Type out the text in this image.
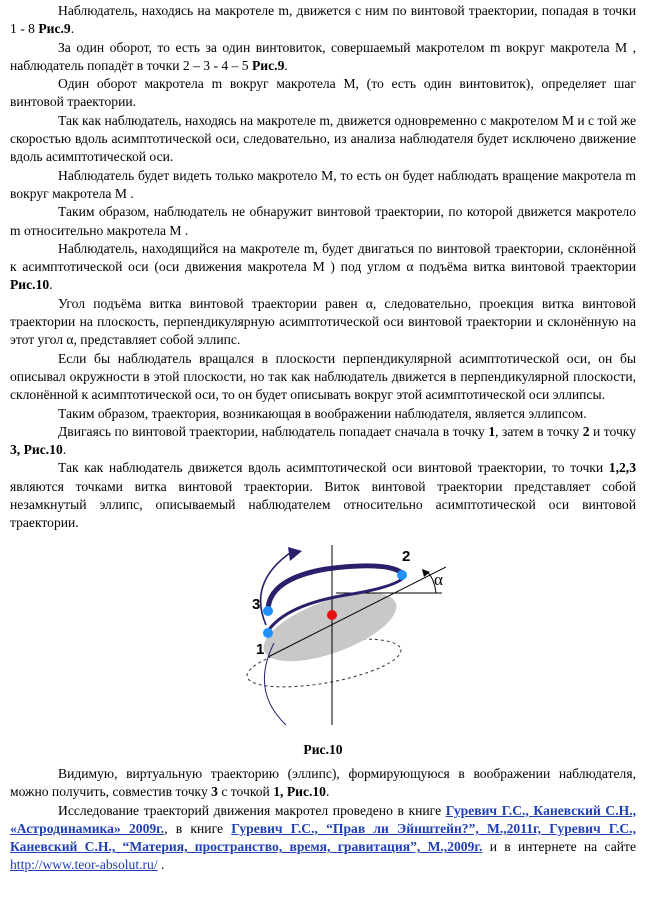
Наблюдатель, находясь на макротеле m, движется с ним по винтовой траектории, попадая в точки 1 - 8 Рис.9.

За один оборот, то есть за один винтовиток, совершаемый макротелом m вокруг макротела М , наблюдатель попадёт в точки 2 – 3 - 4 – 5 Рис.9.

Один оборот макротела m вокруг макротела М, (то есть один винтовиток), определяет шаг винтовой траектории.

Так как наблюдатель, находясь на макротеле m, движется одновременно с макротелом М и с той же скоростью вдоль асимптотической оси, следовательно, из анализа наблюдателя будет исключено движение вдоль асимптотической оси.

Наблюдатель будет видеть только макротело М, то есть он будет наблюдать вращение макротела m вокруг макротела М .

Таким образом, наблюдатель не обнаружит винтовой траектории, по которой движется макротело m относительно макротела М .

Наблюдатель, находящийся на макротеле m, будет двигаться по винтовой траектории, склонённой к асимптотической оси (оси движения макротела М ) под углом α подъёма витка винтовой траектории Рис.10.

Угол подъёма витка винтовой траектории равен α, следовательно, проекция витка винтовой траектории на плоскость, перпендикулярную асимптотической оси винтовой траектории и склонённую на этот угол α, представляет собой эллипс.

Если бы наблюдатель вращался в плоскости перпендикулярной асимптотической оси, он бы описывал окружности в этой плоскости, но так как наблюдатель движется в перпендикулярной плоскости, склонённой к асимптотической оси, то он будет описывать вокруг этой асимптотической оси эллипсы.

Таким образом, траектория, возникающая в воображении наблюдателя, является эллипсом.

Двигаясь по винтовой траектории, наблюдатель попадает сначала в точку 1, затем в точку 2 и точку 3, Рис.10.

Так как наблюдатель движется вдоль асимптотической оси винтовой траектории, то точки 1,2,3 являются точками витка винтовой траектории. Виток винтовой траектории представляет собой незамкнутый эллипс, описываемый наблюдателем относительно асимптотической оси винтовой траектории.

3
1
2
α

Рис.10

Видимую, виртуальную траекторию (эллипс), формирующуюся в воображении наблюдателя, можно получить, совместив точку 3 с точкой 1, Рис.10.

Исследование траекторий движения макротел проведено в книге Гуревич Г.С., Каневский С.Н., «Астродинамика» 2009г., в книге Гуревич Г.С., “Прав ли Эйнштейн?”, М.,2011г, Гуревич Г.С., Каневский С.Н., “Материя, пространство, время, гравитация”, М.,2009г. и в интернете на сайте http://www.teor-absolut.ru/ .
